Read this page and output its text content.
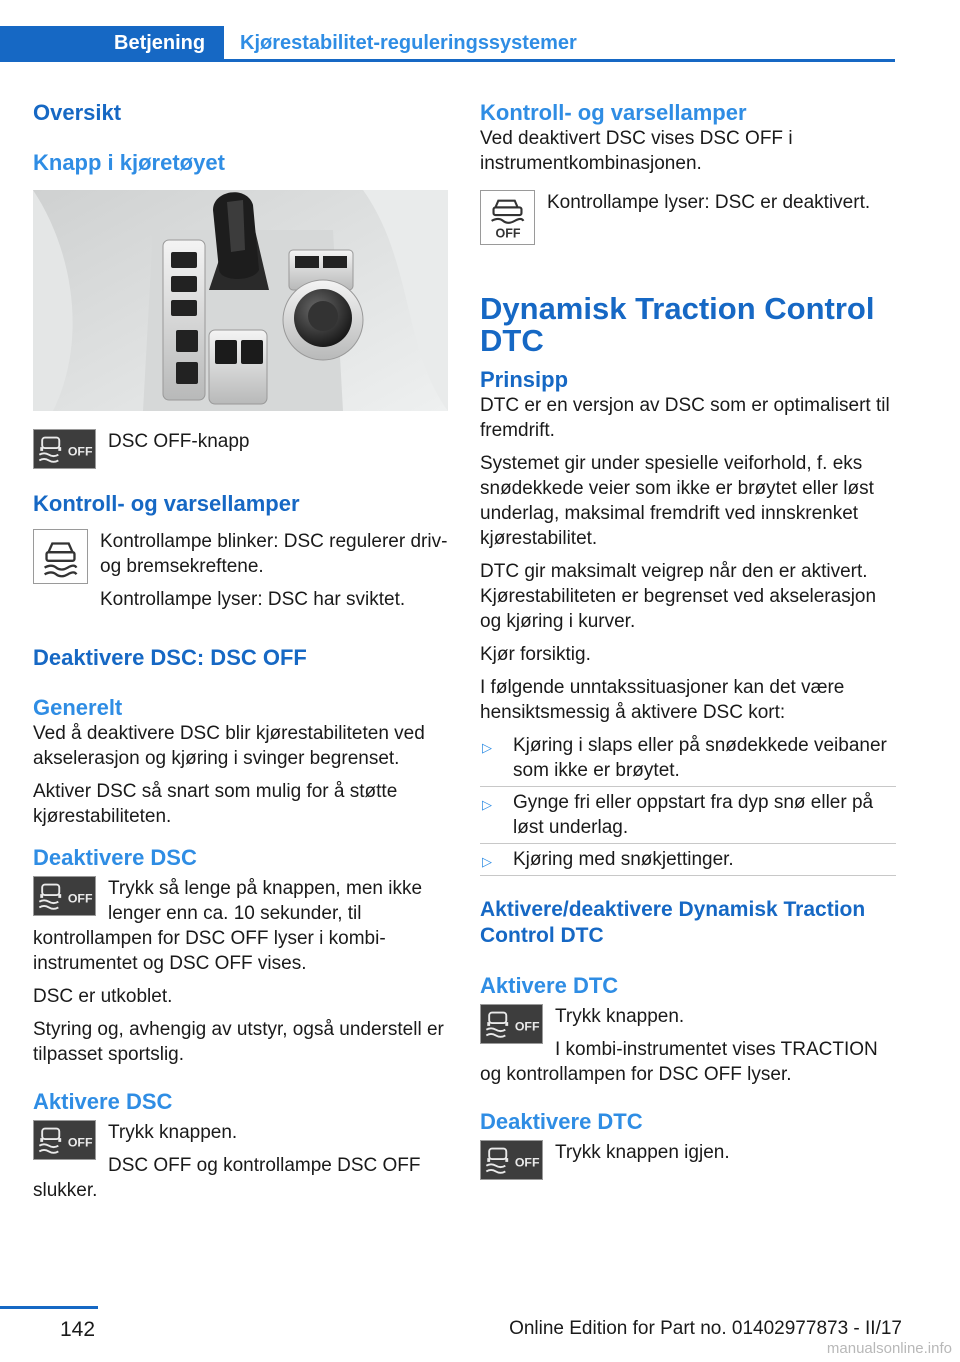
Betjening	Kjørestabilitet-reguleringssystemer
Oversikt
Knapp i kjøretøyet
OFF DSC OFF-knapp

Kontroll- og varsellamper

Kontrollampe blinker: DSC regulerer driv- og bremsekreftene.

Kontrollampe lyser: DSC har sviktet.

Deaktivere DSC: DSC OFF
Generelt

Ved å deaktivere DSC blir kjørestabiliteten ved akselerasjon og kjøring i svinger begrenset.

Aktiver DSC så snart som mulig for å støtte kjørestabiliteten.

Deaktivere DSC
OFF Trykk så lenge på knappen, men ikke lenger enn ca. 10 sekunder, til kontrollampen for DSC OFF lyser i kombi-instrumentet og DSC OFF vises.

DSC er utkoblet.

Styring og, avhengig av utstyr, også understell er tilpasset sportslig.

Aktivere DSC
OFF Trykk knappen.

DSC OFF og kontrollampe DSC OFF slukker.

Kontroll- og varsellamper

Ved deaktivert DSC vises DSC OFF i instrumentkombinasjonen.

OFF

Kontrollampe lyser: DSC er deaktivert.

Dynamisk Traction Control DTC
Prinsipp

DTC er en versjon av DSC som er optimalisert til fremdrift.

Systemet gir under spesielle veiforhold, f. eks snødekkede veier som ikke er brøytet eller løst underlag, maksimal fremdrift ved innskrenket kjørestabilitet.

DTC gir maksimalt veigrep når den er aktivert. Kjørestabiliteten er begrenset ved akselerasjon og kjøring i kurver.

Kjør forsiktig.

I følgende unntakssituasjoner kan det være hensiktsmessig å aktivere DSC kort:

▷ Kjøring i slaps eller på snødekkede veibaner som ikke er brøytet.
▷ Gynge fri eller oppstart fra dyp snø eller på løst underlag.
▷ Kjøring med snøkjettinger.
Aktivere/deaktivere Dynamisk Traction Control DTC
Aktivere DTC
OFF Trykk knappen.

I kombi-instrumentet vises TRACTION og kontrollampen for DSC OFF lyser.

Deaktivere DTC
OFF Trykk knappen igjen.

142	Online Edition for Part no. 01402977873 - II/17
manualsonline.info
